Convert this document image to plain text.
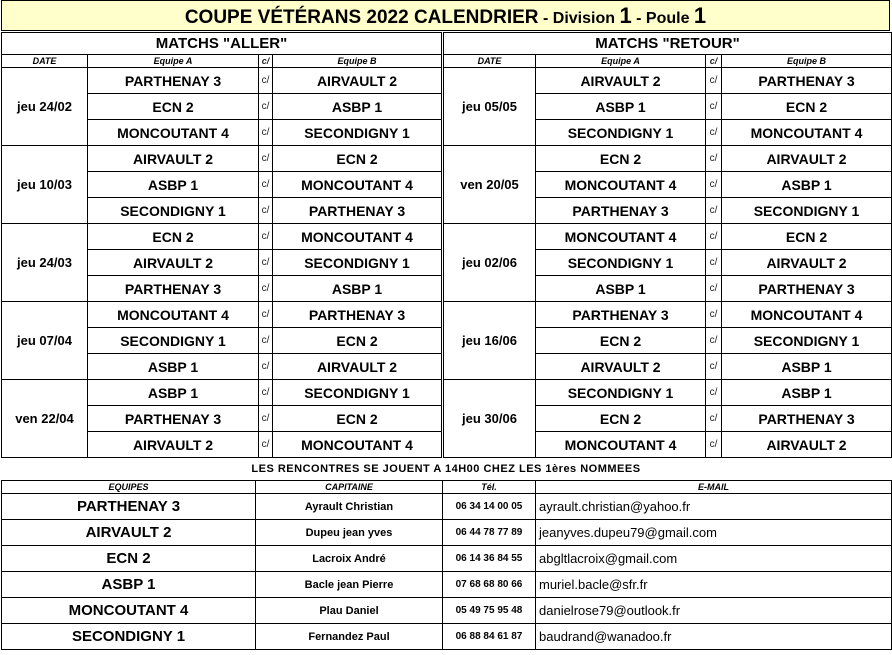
COUPE VÉTÉRANS 2022 CALENDRIER - Division 1 - Poule 1
MATCHS "ALLER"					MATCHS "RETOUR"			
DATE	Equipe A	c/	Equipe B		DATE	Equipe A	c/	Equipe B
jeu 24/02	PARTHENAY 3	c/	AIRVAULT 2		jeu 05/05	AIRVAULT 2	c/	PARTHENAY 3
	ECN 2	c/	ASBP 1			ASBP 1	c/	ECN 2
	MONCOUTANT 4	c/	SECONDIGNY 1			SECONDIGNY 1	c/	MONCOUTANT 4
jeu 10/03	AIRVAULT 2	c/	ECN 2		ven 20/05	ECN 2	c/	AIRVAULT 2
	ASBP 1	c/	MONCOUTANT 4			MONCOUTANT 4	c/	ASBP 1
	SECONDIGNY 1	c/	PARTHENAY 3			PARTHENAY 3	c/	SECONDIGNY 1
jeu 24/03	ECN 2	c/	MONCOUTANT 4		jeu 02/06	MONCOUTANT 4	c/	ECN 2
	AIRVAULT 2	c/	SECONDIGNY 1			SECONDIGNY 1	c/	AIRVAULT 2
	PARTHENAY 3	c/	ASBP 1			ASBP 1	c/	PARTHENAY 3
jeu 07/04	MONCOUTANT 4	c/	PARTHENAY 3		jeu 16/06	PARTHENAY 3	c/	MONCOUTANT 4
	SECONDIGNY 1	c/	ECN 2			ECN 2	c/	SECONDIGNY 1
	ASBP 1	c/	AIRVAULT 2			AIRVAULT 2	c/	ASBP 1
ven 22/04	ASBP 1	c/	SECONDIGNY 1		jeu 30/06	SECONDIGNY 1	c/	ASBP 1
	PARTHENAY 3	c/	ECN 2			ECN 2	c/	PARTHENAY 3
	AIRVAULT 2	c/	MONCOUTANT 4			MONCOUTANT 4	c/	AIRVAULT 2
LES RENCONTRES SE JOUENT A 14H00 CHEZ LES 1ères NOMMEES
EQUIPES	CAPITAINE	Tél.	E-MAIL
PARTHENAY 3	Ayrault Christian	06 34 14 00 05	ayrault.christian@yahoo.fr
AIRVAULT 2	Dupeu jean yves	06 44 78 77 89	jeanyves.dupeu79@gmail.com
ECN 2	Lacroix André	06 14 36 84 55	abgltlacroix@gmail.com
ASBP 1	Bacle jean Pierre	07 68 68 80 66	muriel.bacle@sfr.fr
MONCOUTANT 4	Plau Daniel	05 49 75 95 48	danielrose79@outlook.fr
SECONDIGNY 1	Fernandez Paul	06 88 84 61 87	baudrand@wanadoo.fr
